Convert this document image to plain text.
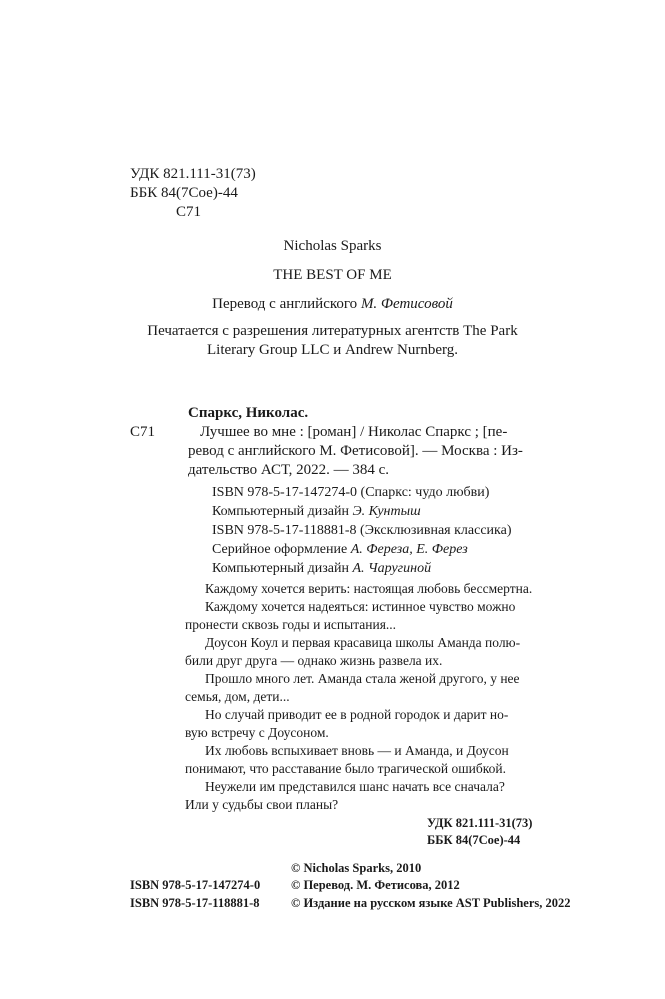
УДК 821.111-31(73)
ББК 84(7Сое)-44
С71
Nicholas Sparks
THE BEST OF ME
Перевод с английского М. Фетисовой
Печатается с разрешения литературных агентств The Park
Literary Group LLC и Andrew Nurnberg.
Спаркс, Николас.
С71	Лучшее во мне : [роман] / Николас Спаркс ; [пе-
ревод с английского М. Фетисовой]. — Москва : Из-
дательство АСТ, 2022. — 384 с.
ISBN 978-5-17-147274-0 (Спаркс: чудо любви)
Компьютерный дизайн Э. Кунтыш
ISBN 978-5-17-118881-8 (Эксклюзивная классика)
Серийное оформление А. Фереза, Е. Ферез
Компьютерный дизайн А. Чаругиной
Каждому хочется верить: настоящая любовь бессмертна.
Каждому хочется надеяться: истинное чувство можно
пронести сквозь годы и испытания...
Доусон Коул и первая красавица школы Аманда полю-
били друг друга — однако жизнь развела их.
Прошло много лет. Аманда стала женой другого, у нее
семья, дом, дети...
Но случай приводит ее в родной городок и дарит но-
вую встречу с Доусоном.
Их любовь вспыхивает вновь — и Аманда, и Доусон
понимают, что расставание было трагической ошибкой.
Неужели им представился шанс начать все сначала?
Или у судьбы свои планы?
УДК 821.111-31(73)
ББК 84(7Сое)-44
ISBN 978-5-17-147274-0
ISBN 978-5-17-118881-8
© Nicholas Sparks, 2010
© Перевод. М. Фетисова, 2012
© Издание на русском языке AST Publishers, 2022
